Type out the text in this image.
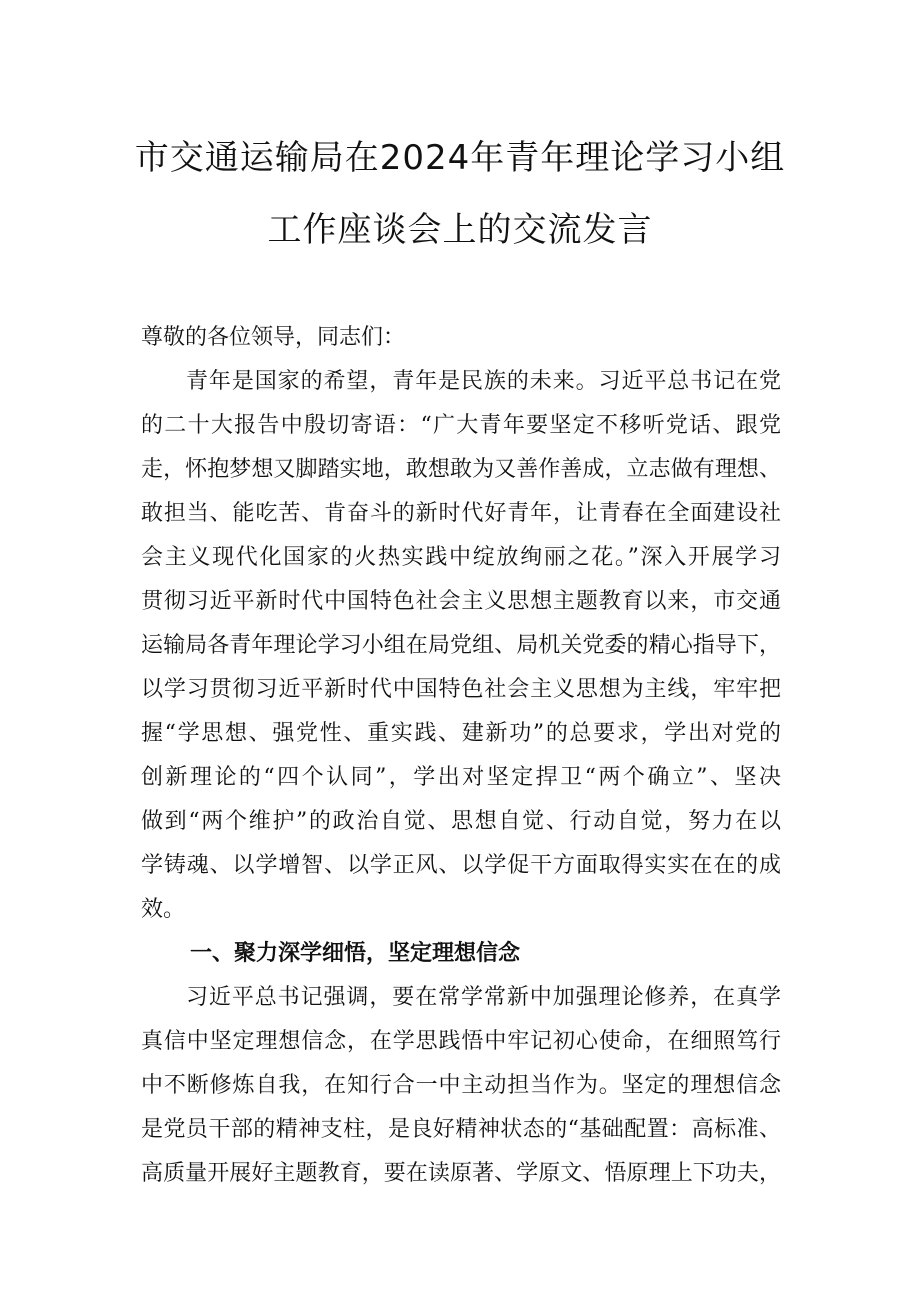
市交通运输局在2024年青年理论学习小组
工作座谈会上的交流发言

尊敬的各位领导，同志们：

青年是国家的希望，青年是民族的未来。习近平总书记在党

的二十大报告中殷切寄语：“广大青年要坚定不移听党话、跟党

走，怀抱梦想又脚踏实地，敢想敢为又善作善成，立志做有理想、

敢担当、能吃苦、肯奋斗的新时代好青年，让青春在全面建设社

会主义现代化国家的火热实践中绽放绚丽之花。”深入开展学习

贯彻习近平新时代中国特色社会主义思想主题教育以来，市交通

运输局各青年理论学习小组在局党组、局机关党委的精心指导下，

以学习贯彻习近平新时代中国特色社会主义思想为主线，牢牢把

握“学思想、强党性、重实践、建新功”的总要求，学出对党的

创新理论的“四个认同”，学出对坚定捍卫“两个确立”、坚决

做到“两个维护”的政治自觉、思想自觉、行动自觉，努力在以

学铸魂、以学增智、以学正风、以学促干方面取得实实在在的成

效。

一、聚力深学细悟，坚定理想信念

习近平总书记强调，要在常学常新中加强理论修养，在真学

真信中坚定理想信念，在学思践悟中牢记初心使命，在细照笃行

中不断修炼自我，在知行合一中主动担当作为。坚定的理想信念

是党员干部的精神支柱，是良好精神状态的“基础配置：高标准、

高质量开展好主题教育，要在读原著、学原文、悟原理上下功夫，
